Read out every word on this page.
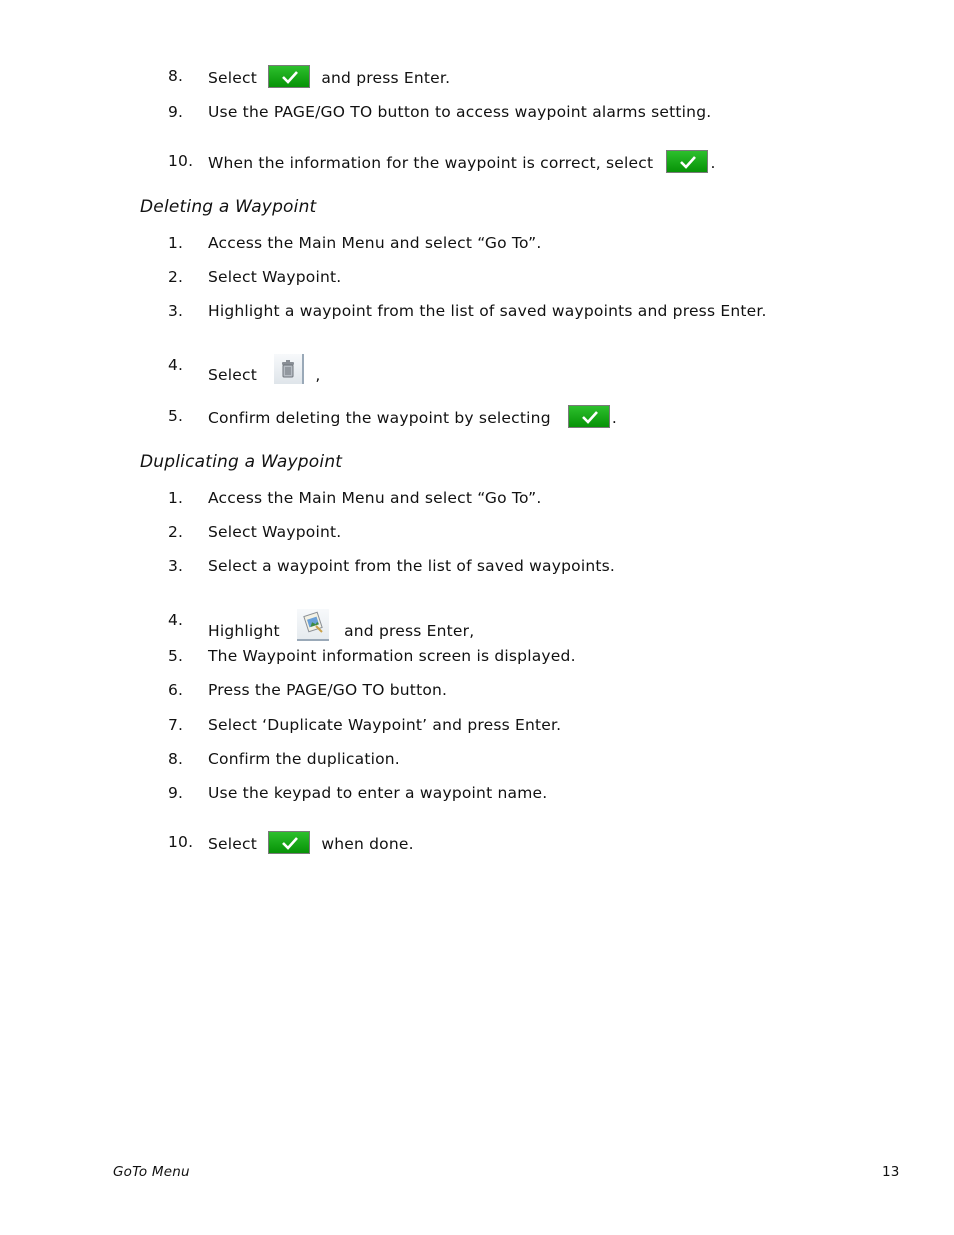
8. Select	and press Enter.
9. Use the PAGE/GO TO button to access waypoint alarms setting.
10. When the information for the waypoint is correct, select	.
Deleting a Waypoint
1. Access the Main Menu and select “Go To”.
2. Select Waypoint.
3. Highlight a waypoint from the list of saved waypoints and press Enter.
4.
Select	,
5. Confirm deleting the waypoint by selecting	.
Duplicating a Waypoint
1. Access the Main Menu and select “Go To”.
2. Select Waypoint.
3. Select a waypoint from the list of saved waypoints.
4.
Highlight	and press Enter,
5. The Waypoint information screen is displayed.
6. Press the PAGE/GO TO button.
7. Select ‘Duplicate Waypoint’ and press Enter.
8. Confirm the duplication.
9. Use the keypad to enter a waypoint name.
10. Select	when done.
GoTo Menu	13
